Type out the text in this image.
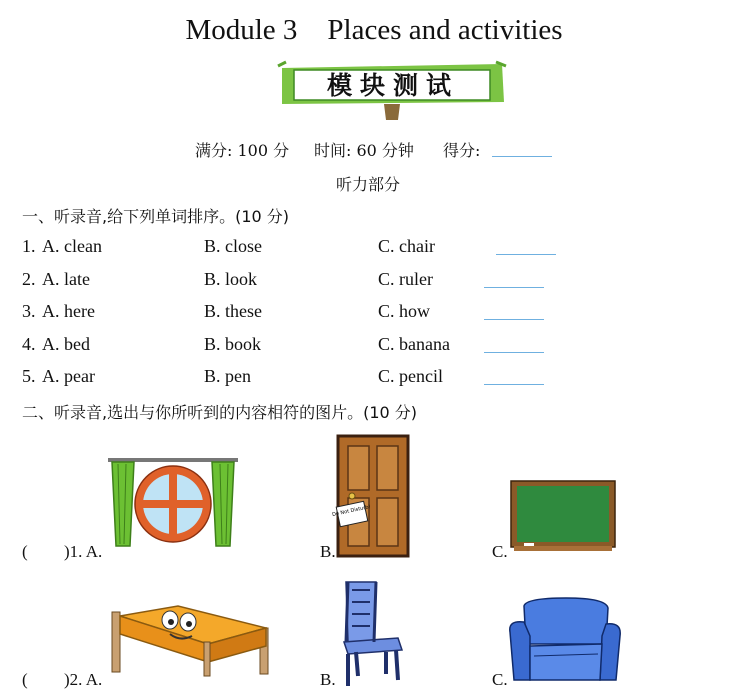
Module 3 Places and activities
模块测试
满分: 100 分 时间: 60 分钟 得分:
听力部分
一、听录音,给下列单词排序。(10 分)
1. A. clean	B. close	C. chair
2. A. late	B. look	C. ruler
3. A. here	B. these	C. how
4. A. bed	B. book	C. banana
5. A. pear	B. pen	C. pencil
二、听录音,选出与你所听到的内容相符的图片。(10 分)
Do Not Disturb!
( )1. A.	B.	C.
( )2. A.	B.	C.
